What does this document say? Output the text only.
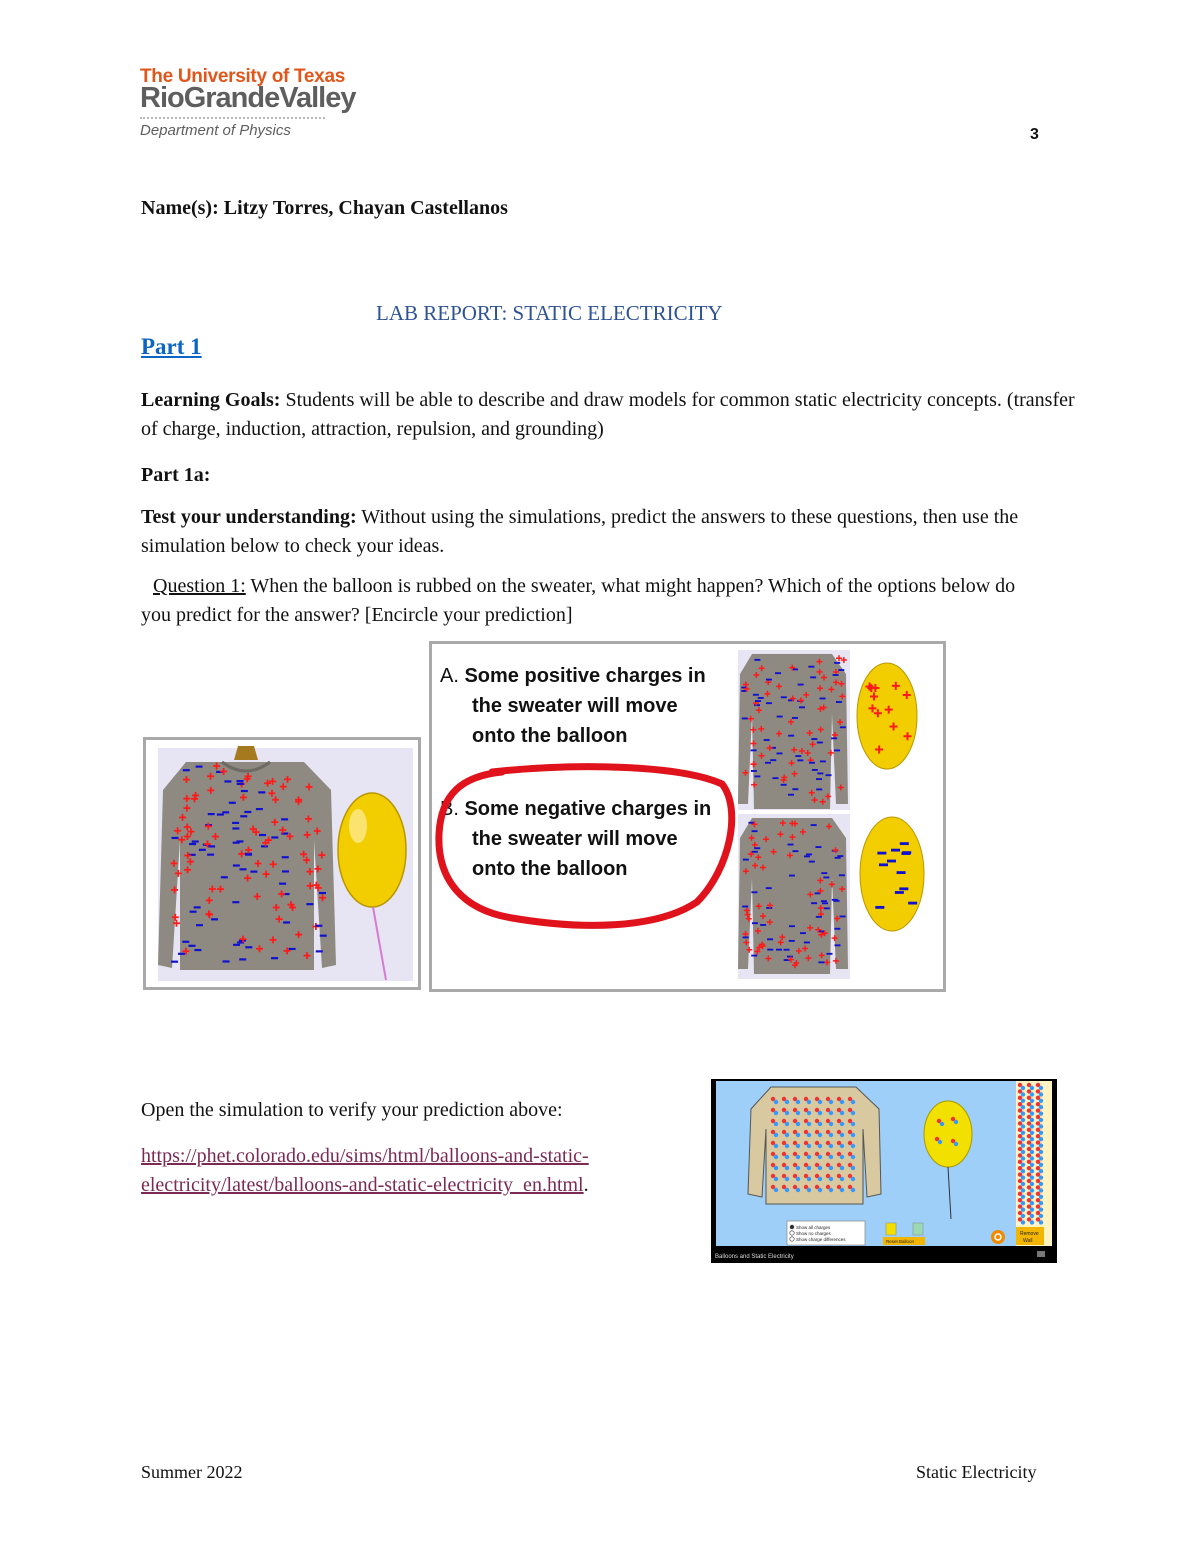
The University of Texas
RioGrandeValley
Department of Physics	3
Name(s): Litzy Torres, Chayan Castellanos
LAB REPORT: STATIC ELECTRICITY
Part 1
Learning Goals: Students will be able to describe and draw models for common static electricity concepts. (transfer of charge, induction, attraction, repulsion, and grounding)
Part 1a:
Test your understanding: Without using the simulations, predict the answers to these questions, then use the simulation below to check your ideas.
Question 1: When the balloon is rubbed on the sweater, what might happen? Which of the options below do you predict for the answer? [Encircle your prediction]
A. Some positive charges in
the sweater will move
onto the balloon
B. Some negative charges in
the sweater will move
onto the balloon
Open the simulation to verify your prediction above:
https://phet.colorado.edu/sims/html/balloons-and-static-
electricity/latest/balloons-and-static-electricity_en.html.
Show all charges
Show no charges
Show charge differences	Reset Balloon
Remove
Wall
Balloons and Static Electricity
Summer 2022	Static Electricity
